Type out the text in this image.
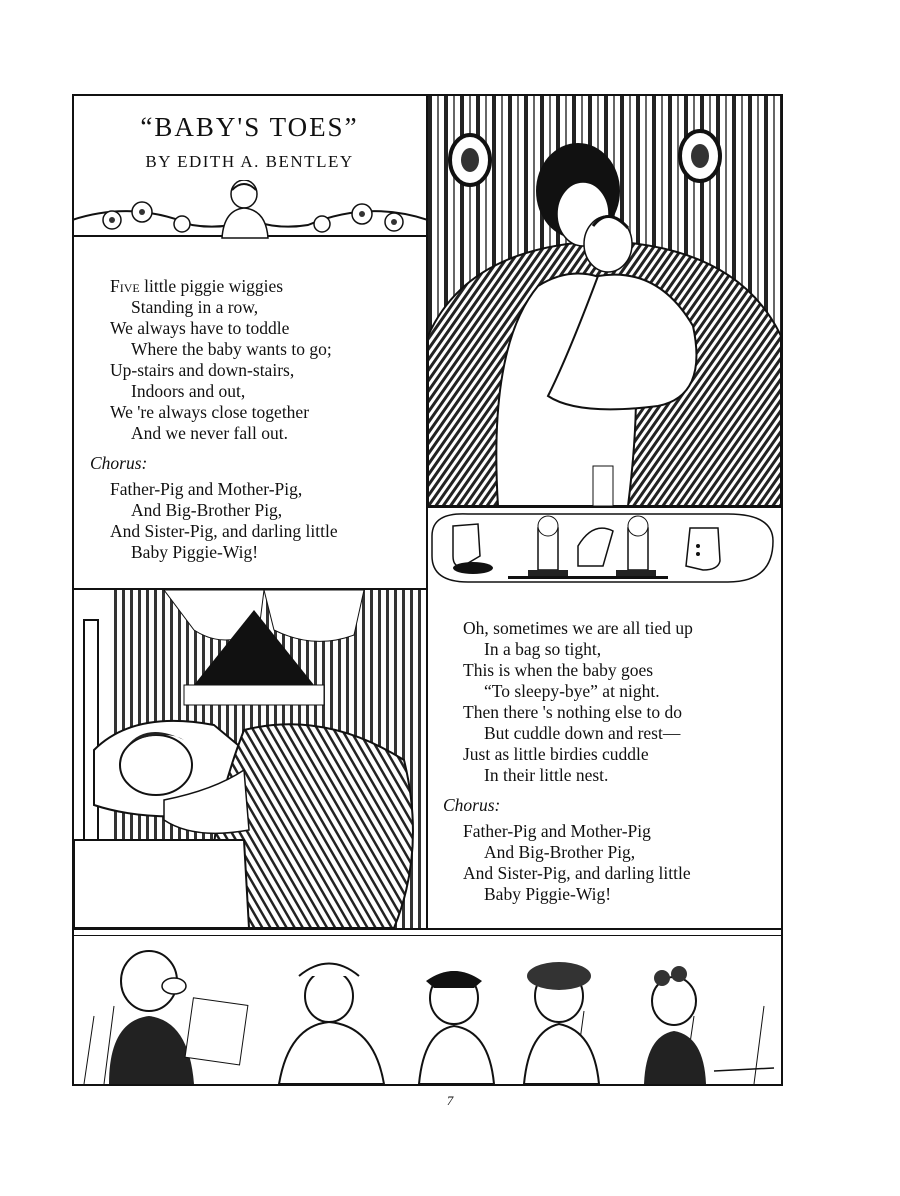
“BABY'S TOES”
BY EDITH A. BENTLEY
Five little piggie wiggies
Standing in a row,
We always have to toddle
Where the baby wants to go;
Up-stairs and down-stairs,
Indoors and out,
We 're always close together
And we never fall out.
Chorus:
Father-Pig and Mother-Pig,
And Big-Brother Pig,
And Sister-Pig, and darling little
Baby Piggie-Wig!
Oh, sometimes we are all tied up
In a bag so tight,
This is when the baby goes
“To sleepy-bye” at night.
Then there 's nothing else to do
But cuddle down and rest—
Just as little birdies cuddle
In their little nest.
Chorus:
Father-Pig and Mother-Pig
And Big-Brother Pig,
And Sister-Pig, and darling little
Baby Piggie-Wig!
7
